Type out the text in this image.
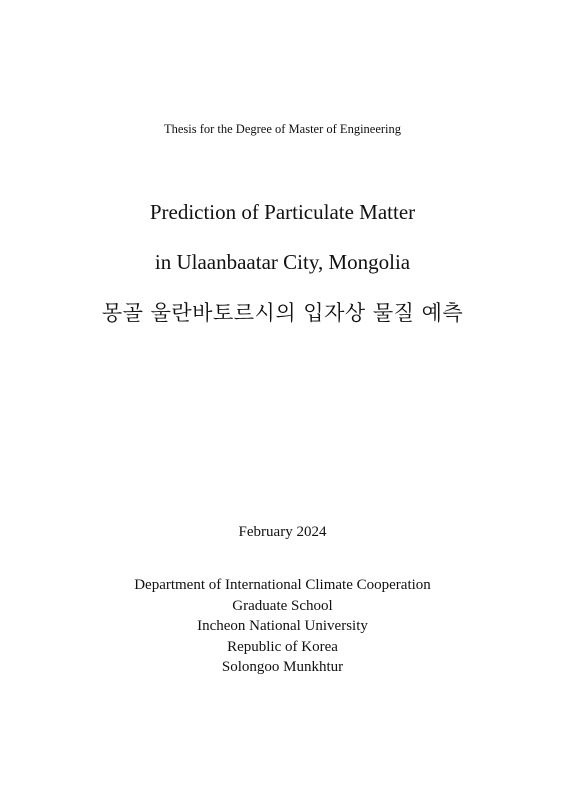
Thesis for the Degree of Master of Engineering
Prediction of Particulate Matter
in Ulaanbaatar City, Mongolia
몽골 울란바토르시의 입자상 물질 예측
February 2024
Department of International Climate Cooperation
Graduate School
Incheon National University
Republic of Korea
Solongoo Munkhtur
